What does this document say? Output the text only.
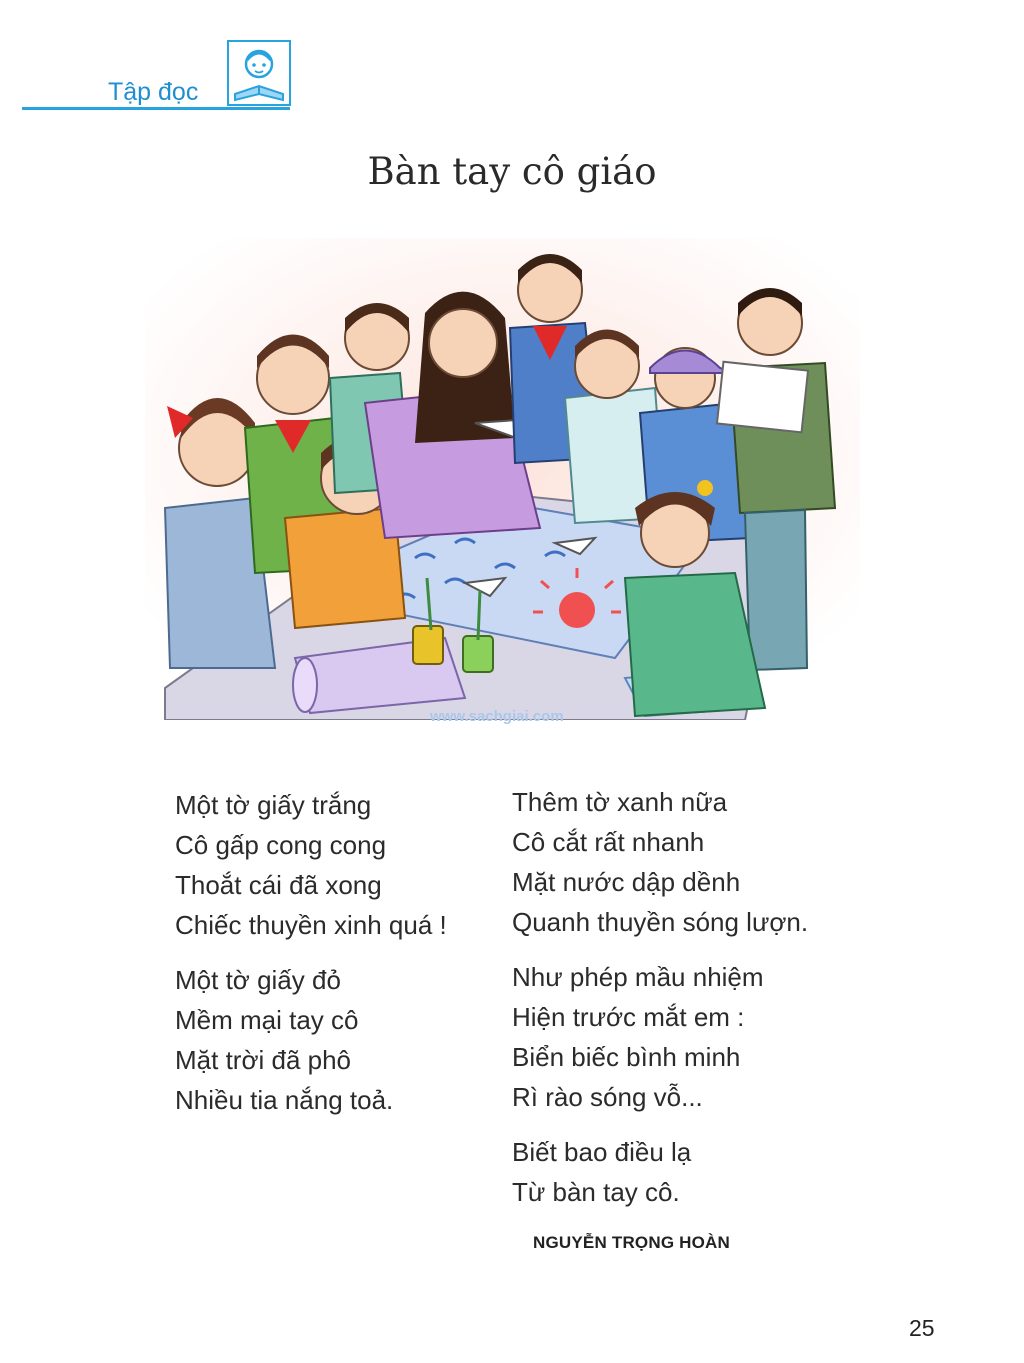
Tập đọc
Bàn tay cô giáo
www.sachgiai.com
Một tờ giấy trắng
Cô gấp cong cong
Thoắt cái đã xong
Chiếc thuyền xinh quá !
Một tờ giấy đỏ
Mềm mại tay cô
Mặt trời đã phô
Nhiều tia nắng toả.
Thêm tờ xanh nữa
Cô cắt rất nhanh
Mặt nước dập dềnh
Quanh thuyền sóng lượn.
Như phép mầu nhiệm
Hiện trước mắt em :
Biển biếc bình minh
Rì rào sóng vỗ...
Biết bao điều lạ
Từ bàn tay cô.
NGUYỄN TRỌNG HOÀN
25
